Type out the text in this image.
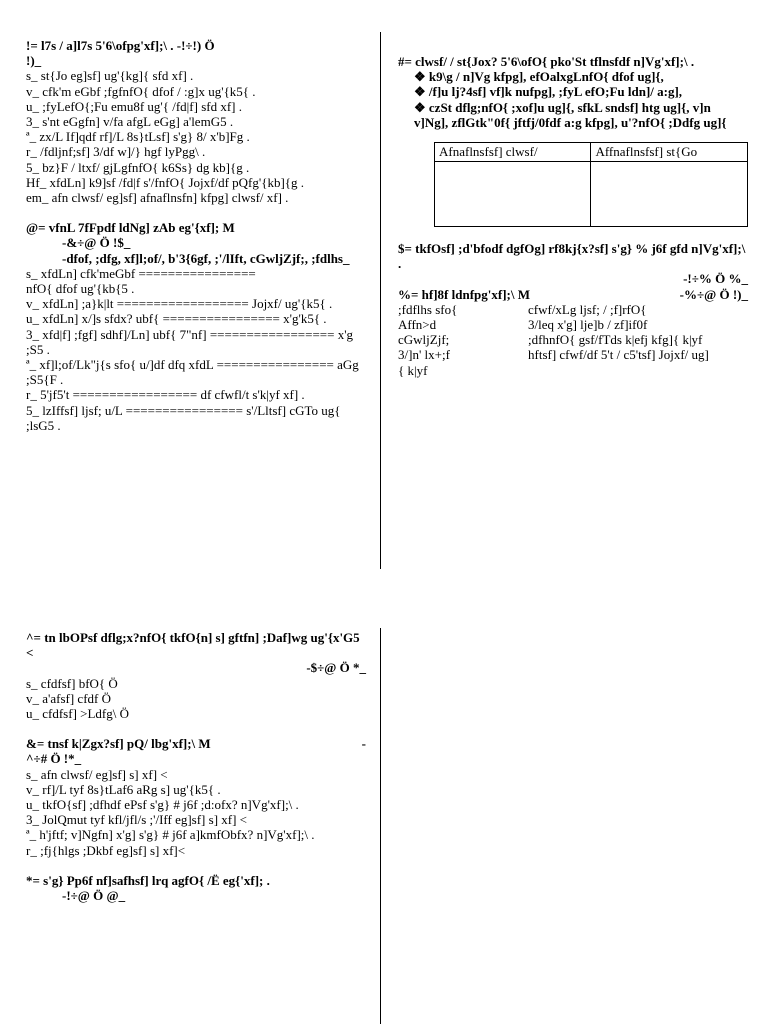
!= l7s / a]l7s 5'6\ofpg'xf];\ . -!÷!) Ö

!)_

s_ st{Jo eg]sf] ug'{kg]{ sfd xf] .

v_ cfk'm eGbf ;fgfnfO{ dfof / :g]x ug'{k5{ .

u_ ;fyLefO{;Fu emu8f ug'{ /fd|f] sfd xf] .

3_ s'nt eGgfn] v/fa afgL eGg] a'lemG5 .

ª_ zx/L If]qdf rf]/L 8s}tLsf] s'g} 8/ x'b]Fg .

r_ /fdljnf;sf] 3/df w]/} hgf lyPgg\ .

5_ bz}F / ltxf/ gjLgfnfO{ k6Ss} dg kb]{g .

Hf_ xfdLn] k9]sf /fd|f s'/fnfO{ Jojxf/df pQfg'{kb]{g .

em_ afn clwsf/ eg]sf] afnaflnsfn] kfpg] clwsf/ xf] .

@= vfnL 7fFpdf ldNg] zAb eg'{xf]; M

-&÷@ Ö !$_

-dfof, ;dfg, xf]l;of/, b'3{6gf, ;'/lIft, cGwljZjf;, ;fdlhs_

s_ xfdLn] cfk'meGbf ================

nfO{ dfof ug'{kb{5 .

v_ xfdLn] ;a}k|lt ================== Jojxf/ ug'{k5{ .

u_ xfdLn] x/]s sfdx? ubf{ ================ x'g'k5{ .

3_ xfd|f] ;fgf] sdhf]/Ln] ubf{ 7"nf] ================= x'g ;S5 .

ª_ xf]l;of/Lk"j{s sfo{ u/]df dfq xfdL ================ aGg ;S5{F .

r_ 5'jf5't ================= df cfwfl/t s'k|yf xf] .

5_ lzIffsf] ljsf; u/L ================ s'/Lltsf] cGTo ug{ ;lsG5 .

#= clwsf/ / st{Jox? 5'6\ofO{ pko'St tflnsfdf n]Vg'xf];\ .

❖ k9\g / n]Vg kfpg], efOalxgLnfO{ dfof ug]{,

❖ /f]u lj?4sf] vf]k nufpg], ;fyL efO;Fu ldn]/ a:g],

❖ czSt dflg;nfO{ ;xof]u ug]{, sfkL sndsf] htg ug]{, v]n v]Ng], zflGtk"0f{ jftfj/0fdf a:g kfpg], u'?nfO{ ;Ddfg ug]{

Afnaflnsfsf] clwsf/	Affnaflnsfsf] st{Go

$= tkfOsf] ;d'bfodf dgfOg] rf8kj{x?sf] s'g} % j6f gfd n]Vg'xf];\ .

-!÷% Ö %_

%= hf]8f ldnfpg'xf];\ M	-%÷@ Ö !)_

;fdflhs sfo{	cfwf/xLg ljsf; / ;f]rfO{
Affn>d	3/leq x'g] lje]b / zf]if0f
cGwljZjf;	;dfhnfO{ gsf/fTds k|efj kfg]{ k|yf
3/]n' lx+;f	hftsf] cfwf/df 5't / c5'tsf] Jojxf/ ug]
{ k|yf

^= tn lbOPsf dflg;x?nfO{ tkfO{n] s] gftfn] ;Daf]wg ug'{x'G5 <

-$÷@ Ö *_

s_ cfdfsf] bfO{ Ö

v_ a'afsf] cfdf Ö

u_ cfdfsf] >Ldfg\ Ö

&= tnsf k|Zgx?sf] pQ/ lbg'xf];\ M	-

^÷# Ö !*_

s_ afn clwsf/ eg]sf] s] xf] <

v_ rf]/L tyf 8s}tLaf6 aRg s] ug'{k5{ .

u_ tkfO{sf] ;dfhdf ePsf s'g} # j6f ;d:ofx? n]Vg'xf];\ .

3_ JolQmut tyf kfl/jfl/s ;'/Iff eg]sf] s] xf] <

ª_ h'jftf; v]Ngfn] x'g] s'g} # j6f a]kmfObfx? n]Vg'xf];\ .

r_ ;fj{hlgs ;Dkbf eg]sf] s] xf]<

*= s'g} Pp6f nf]safhsf] lrq agfO{ /Ë eg{'xf]; .

-!÷@ Ö @_
